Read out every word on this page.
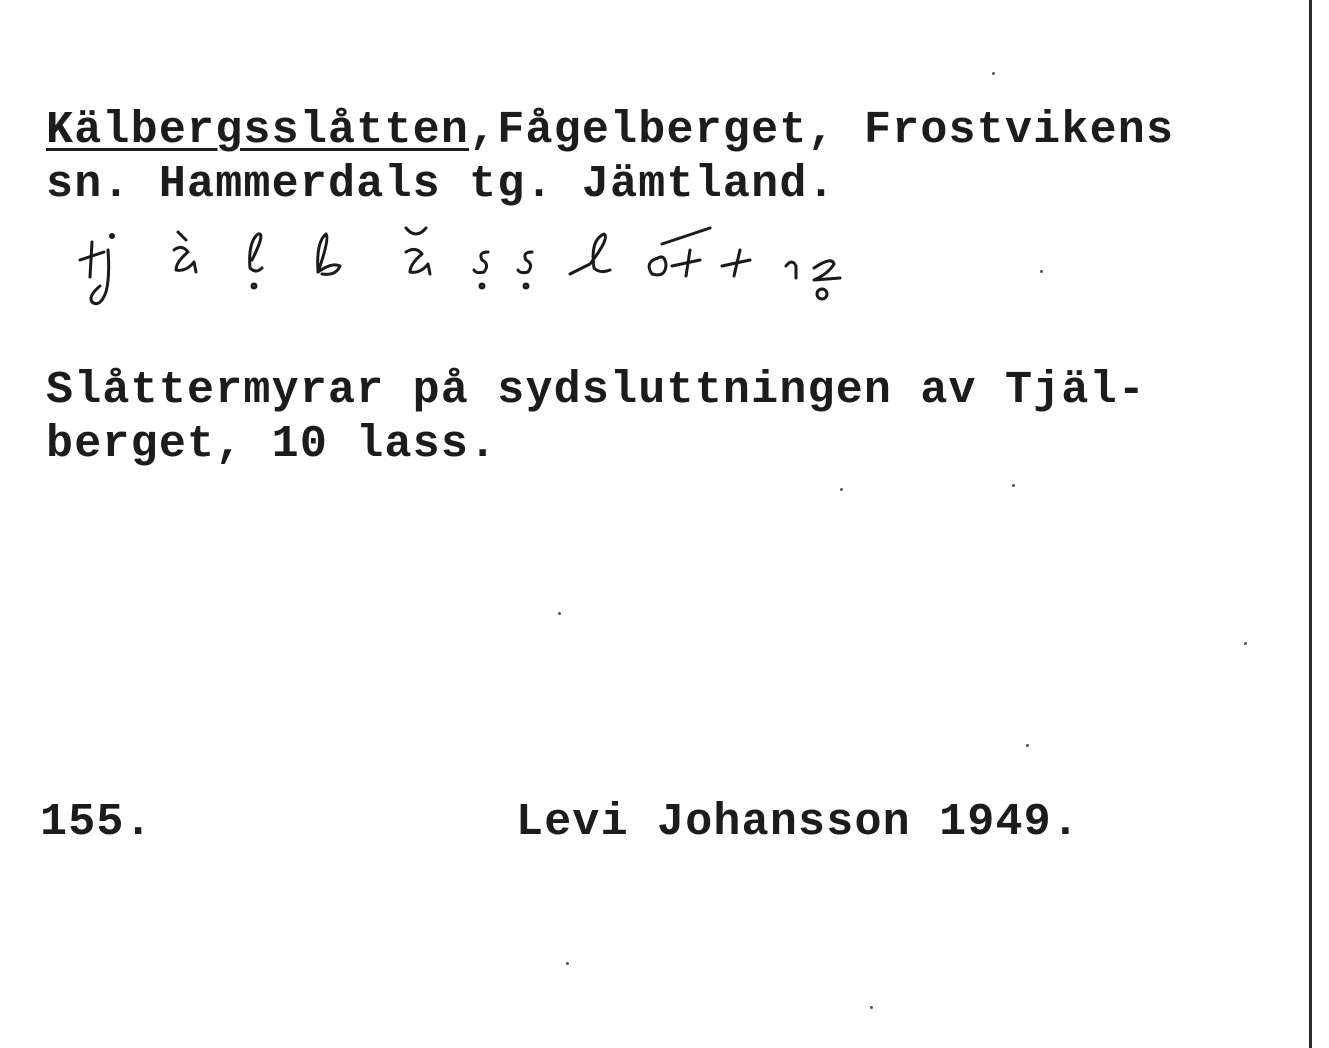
Kälbergsslåtten,Fågelberget, Frostvikens
sn. Hammerdals tg. Jämtland.
Slåttermyrar på sydsluttningen av Tjäl-
berget, 10 lass.
155.	Levi Johansson 1949.
